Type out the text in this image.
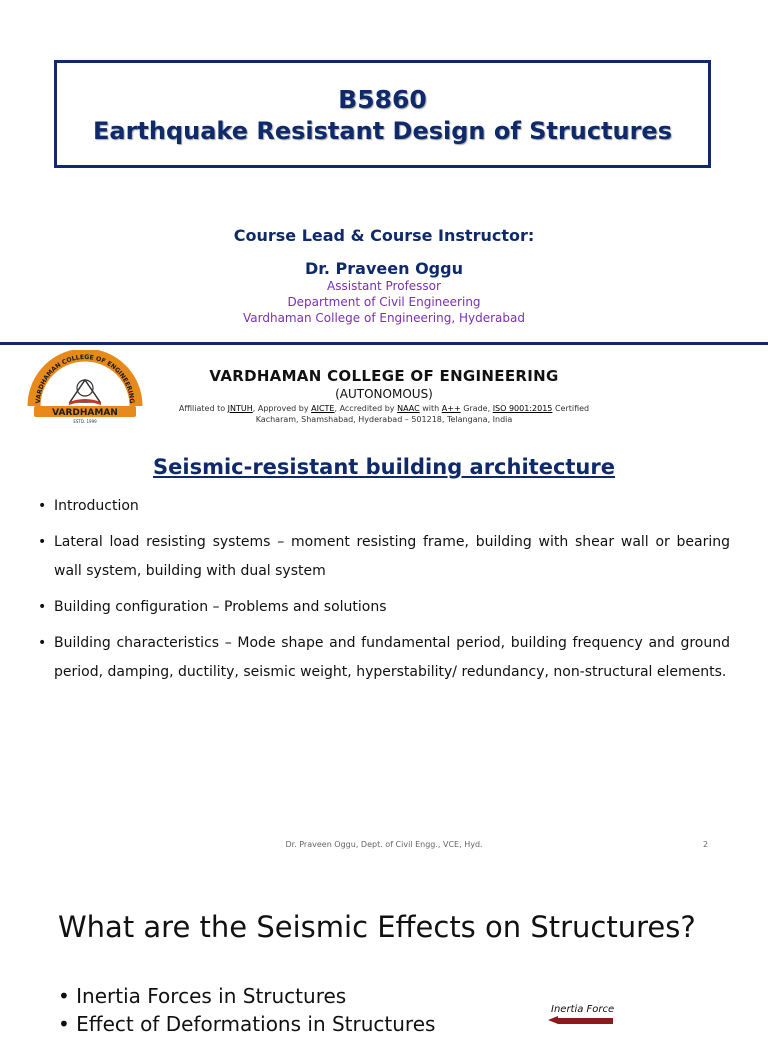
B5860
Earthquake Resistant Design of Structures
Course Lead & Course Instructor:
Dr. Praveen Oggu
Assistant Professor
Department of Civil Engineering
Vardhaman College of Engineering, Hyderabad
VARDHAMAN COLLEGE OF ENGINEERING
VARDHAMAN
ESTD. 1999
VARDHAMAN COLLEGE OF ENGINEERING
(AUTONOMOUS)
Affiliated to JNTUH, Approved by AICTE, Accredited by NAAC with A++ Grade, ISO 9001:2015 Certified
Kacharam, Shamshabad, Hyderabad – 501218, Telangana, India
Seismic-resistant building architecture
• Introduction
• Lateral load resisting systems – moment resisting frame, building with shear wall or bearing wall system, building with dual system
• Building configuration – Problems and solutions
• Building characteristics – Mode shape and fundamental period, building frequency and ground period, damping, ductility, seismic weight, hyperstability/ redundancy, non-structural elements.
Dr. Praveen Oggu, Dept. of Civil Engg., VCE, Hyd.	2
What are the Seismic Effects on Structures?
• Inertia Forces in Structures
• Effect of Deformations in Structures
Inertia Force
